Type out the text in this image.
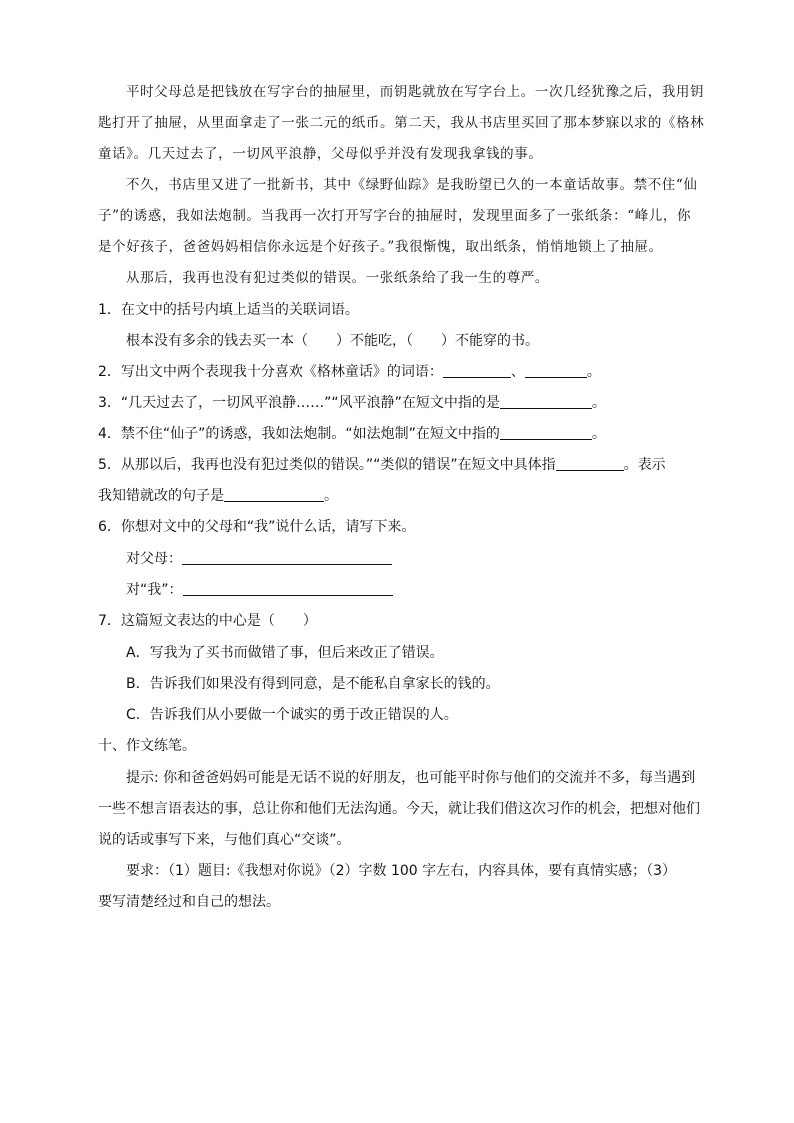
平时父母总是把钱放在写字台的抽屉里，而钥匙就放在写字台上。一次几经犹豫之后，我用钥
匙打开了抽屉，从里面拿走了一张二元的纸币。第二天，我从书店里买回了那本梦寐以求的《格林
童话》。几天过去了，一切风平浪静，父母似乎并没有发现我拿钱的事。
不久，书店里又进了一批新书，其中《绿野仙踪》是我盼望已久的一本童话故事。禁不住“仙
子”的诱惑，我如法炮制。当我再一次打开写字台的抽屉时，发现里面多了一张纸条：“峰儿，你
是个好孩子，爸爸妈妈相信你永远是个好孩子。”我很惭愧，取出纸条，悄悄地锁上了抽屉。
从那后，我再也没有犯过类似的错误。一张纸条给了我一生的尊严。
1．在文中的括号内填上适当的关联词语。
根本没有多余的钱去买一本（ ）不能吃，（ ）不能穿的书。
2．写出文中两个表现我十分喜欢《格林童话》的词语：	、	。
3．“几天过去了，一切风平浪静……”“风平浪静”在短文中指的是	。
4．禁不住“仙子”的诱惑，我如法炮制。“如法炮制”在短文中指的	。
5．从那以后，我再也没有犯过类似的错误。”“类似的错误”在短文中具体指	。表示
我知错就改的句子是	。
6．你想对文中的父母和“我”说什么话，请写下来。
对父母：
对“我”：
7．这篇短文表达的中心是（　　）
A．写我为了买书而做错了事，但后来改正了错误。
B．告诉我们如果没有得到同意，是不能私自拿家长的钱的。
C．告诉我们从小要做一个诚实的勇于改正错误的人。
十、作文练笔。
提示: 你和爸爸妈妈可能是无话不说的好朋友，也可能平时你与他们的交流并不多，每当遇到
一些不想言语表达的事，总让你和他们无法沟通。今天，就让我们借这次习作的机会，把想对他们
说的话或事写下来，与他们真心“交谈”。
要求：（1）题目:《我想对你说》（2）字数 100 字左右，内容具体，要有真情实感；（3）
要写清楚经过和自己的想法。
